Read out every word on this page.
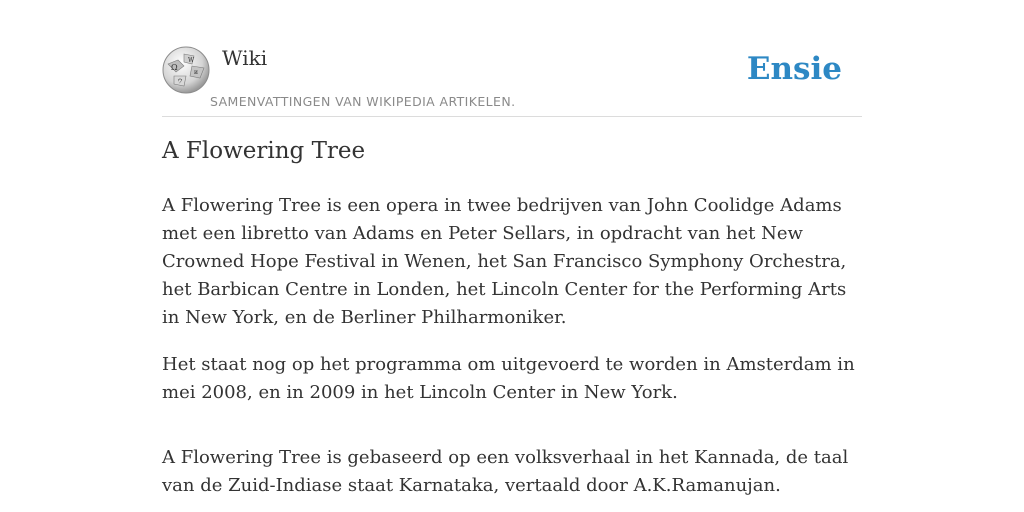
Ω
W
и
ウ
Wiki
SAMENVATTINGEN VAN WIKIPEDIA ARTIKELEN.
Ensie
A Flowering Tree

A Flowering Tree is een opera in twee bedrijven van John Coolidge Adams met een libretto van Adams en Peter Sellars, in opdracht van het New Crowned Hope Festival in Wenen, het San Francisco Symphony Orchestra, het Barbican Centre in Londen, het Lincoln Center for the Performing Arts in New York, en de Berliner Philharmoniker.

Het staat nog op het programma om uitgevoerd te worden in Amsterdam in mei 2008, en in 2009 in het Lincoln Center in New York.

A Flowering Tree is gebaseerd op een volksverhaal in het Kannada, de taal van de Zuid-Indiase staat Karnataka, vertaald door A.K.Ramanujan.
